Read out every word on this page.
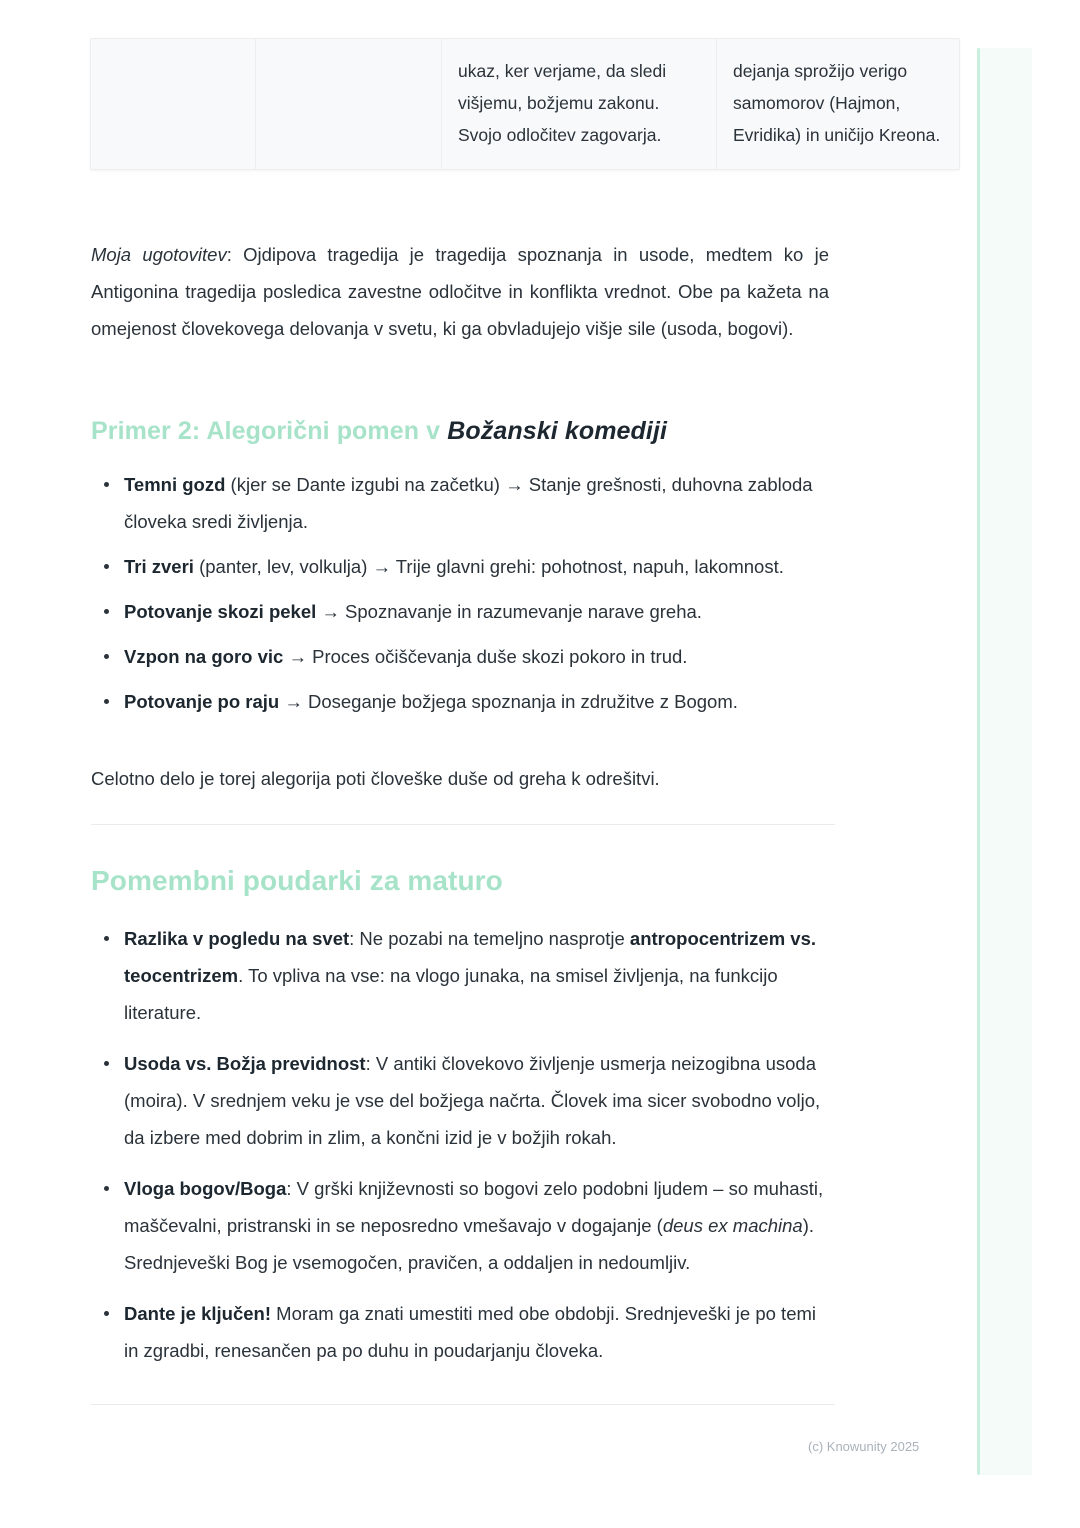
		ukaz, ker verjame, da sledi višjemu, božjemu zakonu. Svojo odločitev zagovarja.	dejanja sprožijo verigo samomorov (Hajmon, Evridika) in uničijo Kreona.

Moja ugotovitev: Ojdipova tragedija je tragedija spoznanja in usode, medtem ko je Antigonina tragedija posledica zavestne odločitve in konflikta vrednot. Obe pa kažeta na omejenost človekovega delovanja v svetu, ki ga obvladujejo višje sile (usoda, bogovi).

Primer 2: Alegorični pomen v Božanski komediji
Temni gozd (kjer se Dante izgubi na začetku) → Stanje grešnosti, duhovna zabloda človeka sredi življenja.
Tri zveri (panter, lev, volkulja) → Trije glavni grehi: pohotnost, napuh, lakomnost.
Potovanje skozi pekel → Spoznavanje in razumevanje narave greha.
Vzpon na goro vic → Proces očiščevanja duše skozi pokoro in trud.
Potovanje po raju → Doseganje božjega spoznanja in združitve z Bogom.

Celotno delo je torej alegorija poti človeške duše od greha k odrešitvi.

Pomembni poudarki za maturo
Razlika v pogledu na svet: Ne pozabi na temeljno nasprotje antropocentrizem vs. teocentrizem. To vpliva na vse: na vlogo junaka, na smisel življenja, na funkcijo literature.
Usoda vs. Božja previdnost: V antiki človekovo življenje usmerja neizogibna usoda (moira). V srednjem veku je vse del božjega načrta. Človek ima sicer svobodno voljo, da izbere med dobrim in zlim, a končni izid je v božjih rokah.
Vloga bogov/Boga: V grški književnosti so bogovi zelo podobni ljudem – so muhasti, maščevalni, pristranski in se neposredno vmešavajo v dogajanje (deus ex machina). Srednjeveški Bog je vsemogočen, pravičen, a oddaljen in nedoumljiv.
Dante je ključen! Moram ga znati umestiti med obe obdobji. Srednjeveški je po temi in zgradbi, renesančen pa po duhu in poudarjanju človeka.
(c) Knowunity 2025
